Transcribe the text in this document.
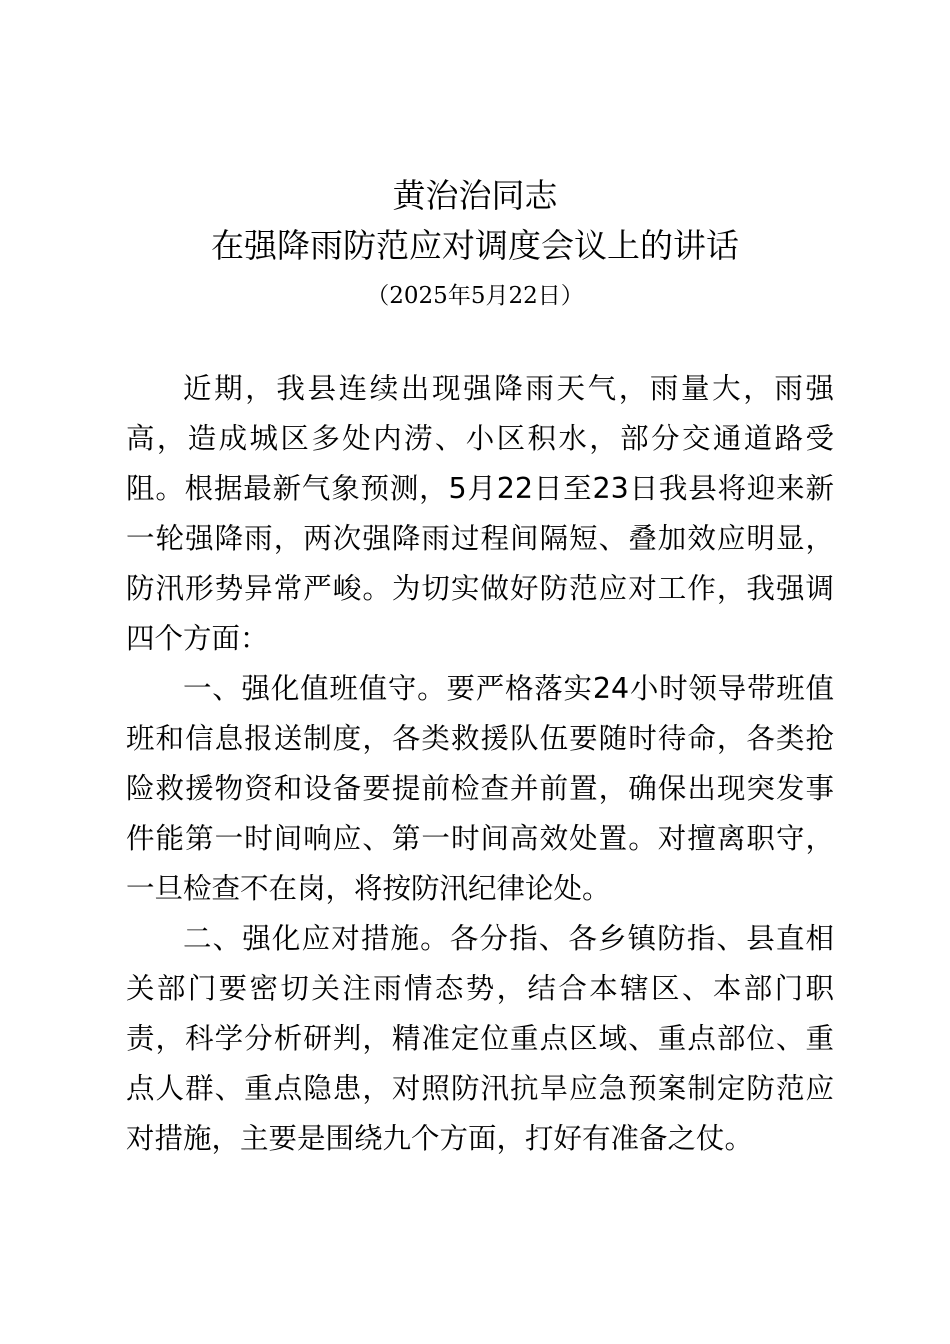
黄治治同志
在强降雨防范应对调度会议上的讲话
（2025年5月22日）

近期，我县连续出现强降雨天气，雨量大，雨强高，造成城区多处内涝、小区积水，部分交通道路受阻。根据最新气象预测，5月22日至23日我县将迎来新一轮强降雨，两次强降雨过程间隔短、叠加效应明显，防汛形势异常严峻。为切实做好防范应对工作，我强调四个方面：

一、强化值班值守。要严格落实24小时领导带班值班和信息报送制度，各类救援队伍要随时待命，各类抢险救援物资和设备要提前检查并前置，确保出现突发事件能第一时间响应、第一时间高效处置。对擅离职守，一旦检查不在岗，将按防汛纪律论处。

二、强化应对措施。各分指、各乡镇防指、县直相关部门要密切关注雨情态势，结合本辖区、本部门职责，科学分析研判，精准定位重点区域、重点部位、重点人群、重点隐患，对照防汛抗旱应急预案制定防范应对措施，主要是围绕九个方面，打好有准备之仗。
